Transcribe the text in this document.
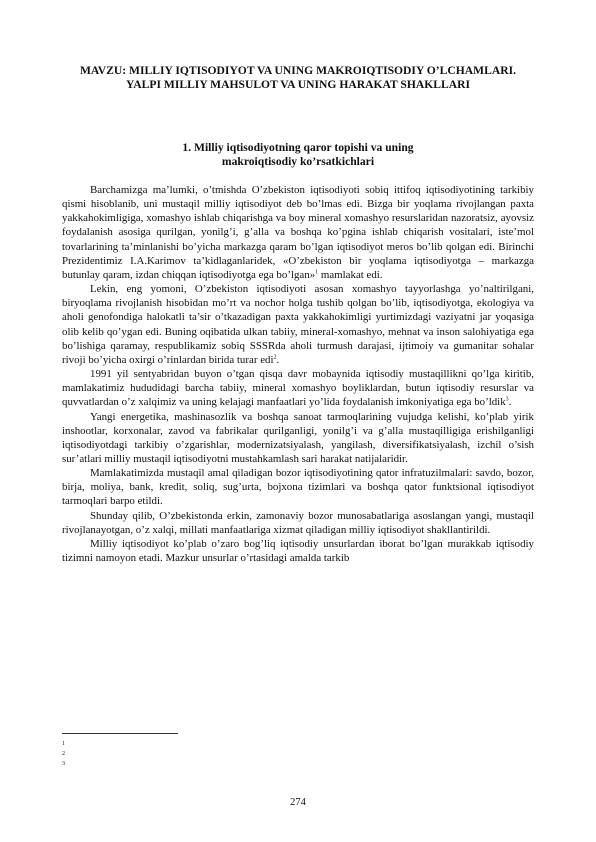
MAVZU: MILLIY IQTISODIYOT VA UNING MAKROIQTISODIY O’LCHAMLARI. YALPI MILLIY MAHSULOT VA UNING HARAKAT SHAKLLARI
1. Milliy iqtisodiyotning qaror topishi va uning
makroiqtisodiy ko’rsatkichlari

Barchamizga ma’lumki, o’tmishda O’zbekiston iqtisodiyoti sobiq ittifoq iqtisodiyotining tarkibiy qismi hisoblanib, uni mustaqil milliy iqtisodiyot deb bo’lmas edi. Bizga bir yoqlama rivojlangan paxta yakkahokimligiga, xomashyo ishlab chiqarishga va boy mineral xomashyo resurslaridan nazoratsiz, ayovsiz foydalanish asosiga qurilgan, yonilg’i, g’alla va boshqa ko’pgina ishlab chiqarish vositalari, iste’mol tovarlarining ta’minlanishi bo’yicha markazga qaram bo’lgan iqtisodiyot meros bo’lib qolgan edi. Birinchi Prezidentimiz I.A.Karimov ta’kidlaganlaridek, «O’zbekiston bir yoqlama iqtisodiyotga – markazga butunlay qaram, izdan chiqqan iqtisodiyotga ega bo’lgan»$^1$ mamlakat edi.

Lekin, eng yomoni, O’zbekiston iqtisodiyoti asosan xomashyo tayyorlashga yo’naltirilgani, biryoqlama rivojlanish hisobidan mo’rt va nochor holga tushib qolgan bo’lib, iqtisodiyotga, ekologiya va aholi genofondiga halokatli ta’sir o’tkazadigan paxta yakkahokimligi yurtimizdagi vaziyatni jar yoqasiga olib kelib qo’ygan edi. Buning oqibatida ulkan tabiiy, mineral-xomashyo, mehnat va inson salohiyatiga ega bo’lishiga qaramay, respublikamiz sobiq SSSRda aholi turmush darajasi, ijtimoiy va gumanitar sohalar rivoji bo’yicha oxirgi o’rinlardan birida turar edi$^2$.

1991 yil sentyabridan buyon o’tgan qisqa davr mobaynida iqtisodiy mustaqillikni qo’lga kiritib, mamlakatimiz hududidagi barcha tabiiy, mineral xomashyo boyliklardan, butun iqtisodiy resurslar va quvvatlardan o’z xalqimiz va uning kelajagi manfaatlari yo’lida foydalanish imkoniyatiga ega bo’ldik$^3$.

Yangi energetika, mashinasozlik va boshqa sanoat tarmoqlarining vujudga kelishi, ko’plab yirik inshootlar, korxonalar, zavod va fabrikalar qurilganligi, yonilg’i va g’alla mustaqilligiga erishilganligi iqtisodiyotdagi tarkibiy o’zgarishlar, modernizatsiyalash, yangilash, diversifikatsiyalash, izchil o’sish sur’atlari milliy mustaqil iqtisodiyotni mustahkamlash sari harakat natijalaridir.

Mamlakatimizda mustaqil amal qiladigan bozor iqtisodiyotining qator infratuzilmalari: savdo, bozor, birja, moliya, bank, kredit, soliq, sug’urta, bojxona tizimlari va boshqa qator funktsional iqtisodiyot tarmoqlari barpo etildi.

Shunday qilib, O’zbekistonda erkin, zamonaviy bozor munosabatlariga asoslangan yangi, mustaqil rivojlanayotgan, o’z xalqi, millati manfaatlariga xizmat qiladigan milliy iqtisodiyot shakllantirildi.

Milliy iqtisodiyot ko’plab o’zaro bog’liq iqtisodiy unsurlardan iborat bo’lgan murakkab iqtisodiy tizimni namoyon etadi. Mazkur unsurlar o’rtasidagi amalda tarkib

1
2
3
274
